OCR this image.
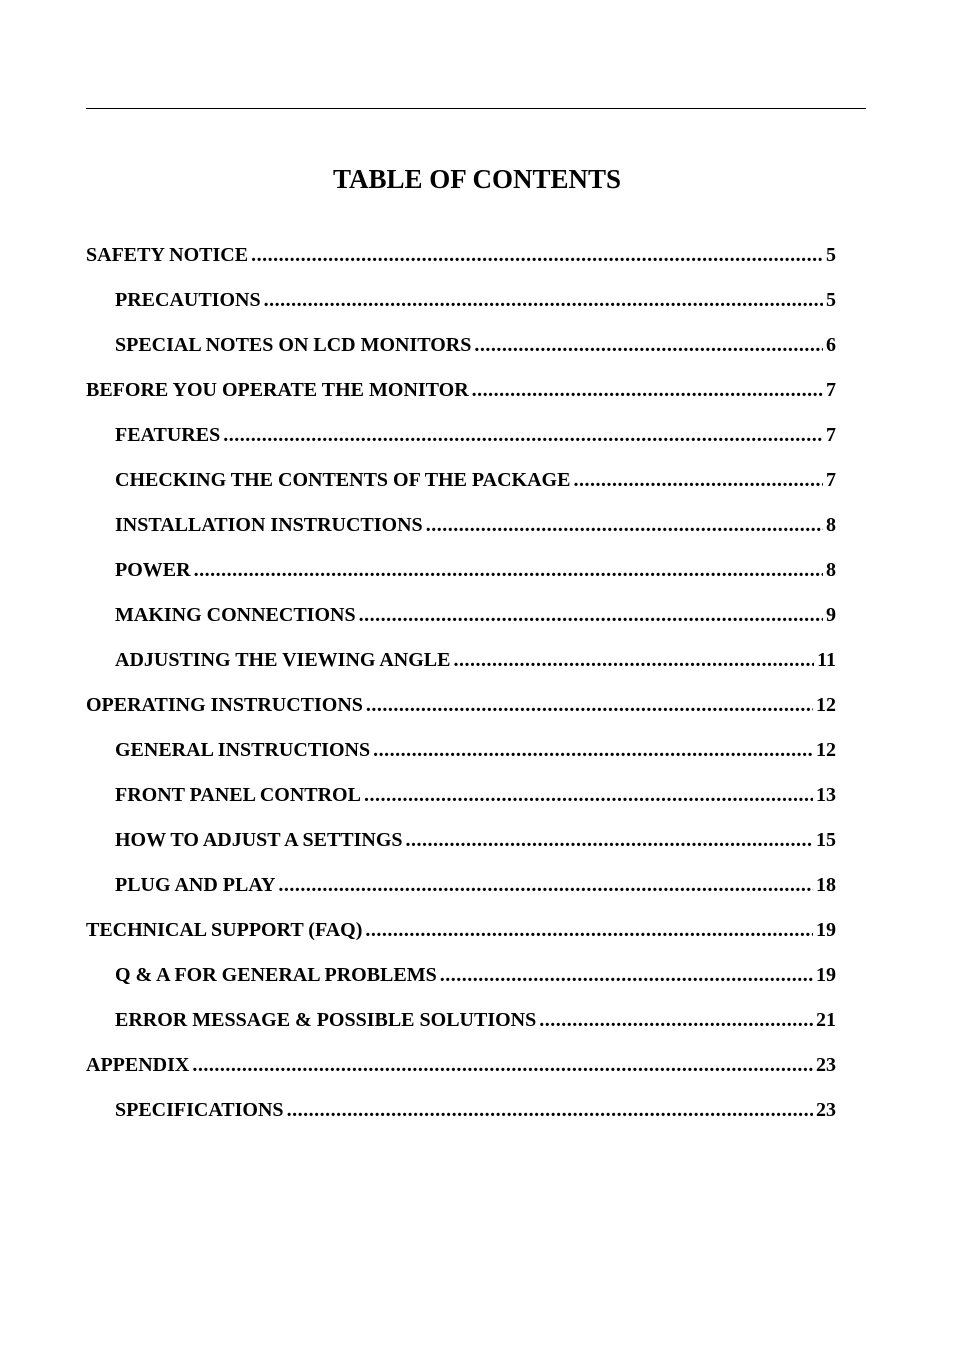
TABLE OF CONTENTS
SAFETY NOTICE .....	5
PRECAUTIONS .....	5
SPECIAL NOTES ON LCD MONITORS .....	6
BEFORE YOU OPERATE THE MONITOR .....	7
FEATURES .....	7
CHECKING THE CONTENTS OF THE PACKAGE .....	7
INSTALLATION INSTRUCTIONS .....	8
POWER .....	8
MAKING CONNECTIONS .....	9
ADJUSTING THE VIEWING ANGLE .....	11
OPERATING INSTRUCTIONS .....	12
GENERAL INSTRUCTIONS .....	12
FRONT PANEL CONTROL .....	13
HOW TO ADJUST A SETTINGS .....	15
PLUG AND PLAY .....	18
TECHNICAL SUPPORT (FAQ) .....	19
Q & A FOR GENERAL PROBLEMS .....	19
ERROR MESSAGE & POSSIBLE SOLUTIONS .....	21
APPENDIX .....	23
SPECIFICATIONS .....	23
